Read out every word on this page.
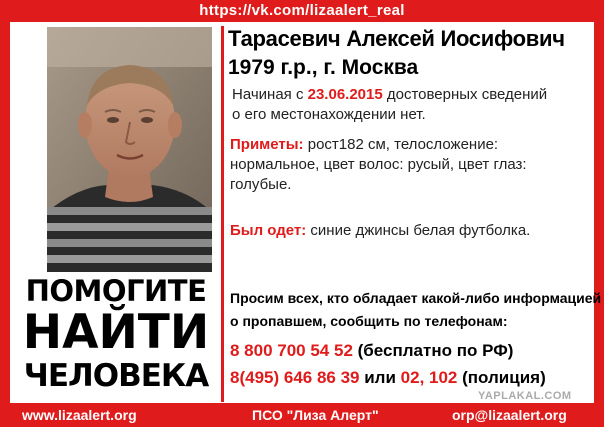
https://vk.com/lizaalert_real
ПОМОГИТЕ
НАЙТИ
ЧЕЛОВЕКА
Тарасевич Алексей Иосифович
1979 г.р., г. Москва
Начиная с 23.06.2015 достоверных сведений
о его местонахождении нет.
Приметы: рост182 см, телосложение:
нормальное, цвет волос: русый, цвет глаз:
голубые.
Был одет: синие джинсы белая футболка.
Просим всех, кто обладает какой-либо информацией
о пропавшем, сообщить по телефонам:
8 800 700 54 52 (бесплатно по РФ)
8(495) 646 86 39 или 02, 102 (полиция)
YAPLAKAL.COM
www.lizaalert.org	ПСО "Лиза Алерт"	orp@lizaalert.org
